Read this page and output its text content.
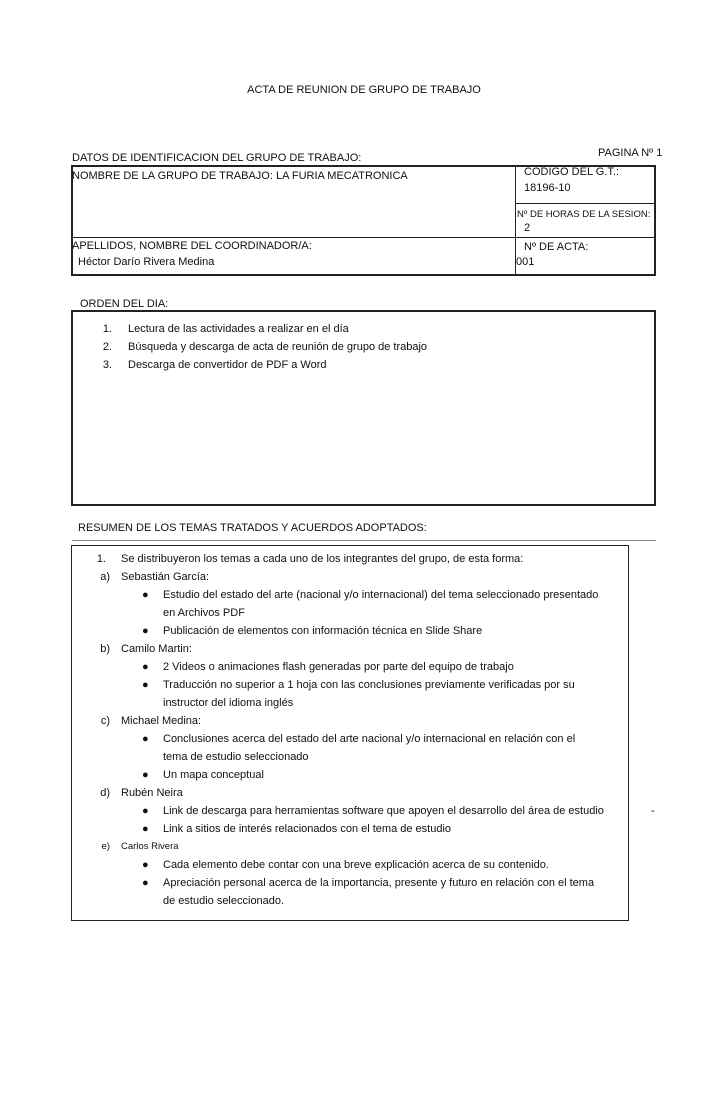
ACTA DE REUNION DE GRUPO DE TRABAJO
DATOS DE IDENTIFICACION DEL GRUPO DE TRABAJO:	PAGINA Nº 1
NOMBRE DE LA GRUPO DE TRABAJO: LA FURIA MECATRONICA	CODIGO DEL G.T.:
18196-10
Nº DE HORAS DE LA SESION:
2
APELLIDOS, NOMBRE DEL COORDINADOR/A:
Héctor Darío Rivera Medina
Nº DE ACTA:
001
ORDEN DEL DIA:
1. Lectura de las actividades a realizar en el día
2. Búsqueda y descarga de acta de reunión de grupo de trabajo
3. Descarga de convertidor de PDF a Word
RESUMEN DE LOS TEMAS TRATADOS Y ACUERDOS ADOPTADOS:
1. Se distribuyeron los temas a cada uno de los integrantes del grupo, de esta forma:
a) Sebastián García:
● Estudio del estado del arte (nacional y/o internacional) del tema seleccionado presentado
en Archivos PDF
● Publicación de elementos con información técnica en Slide Share
b) Camilo Martin:
● 2 Videos o animaciones flash generadas por parte del equipo de trabajo
● Traducción no superior a 1 hoja con las conclusiones previamente verificadas por su
instructor del idioma inglés
c) Michael Medina:
● Conclusiones acerca del estado del arte nacional y/o internacional en relación con el
tema de estudio seleccionado
● Un mapa conceptual
d) Rubén Neira
● Link de descarga para herramientas software que apoyen el desarrollo del área de estudio
● Link a sitios de interés relacionados con el tema de estudio
-
e) Carlos Rivera
● Cada elemento debe contar con una breve explicación acerca de su contenido.
● Apreciación personal acerca de la importancia, presente y futuro en relación con el tema
de estudio seleccionado.
